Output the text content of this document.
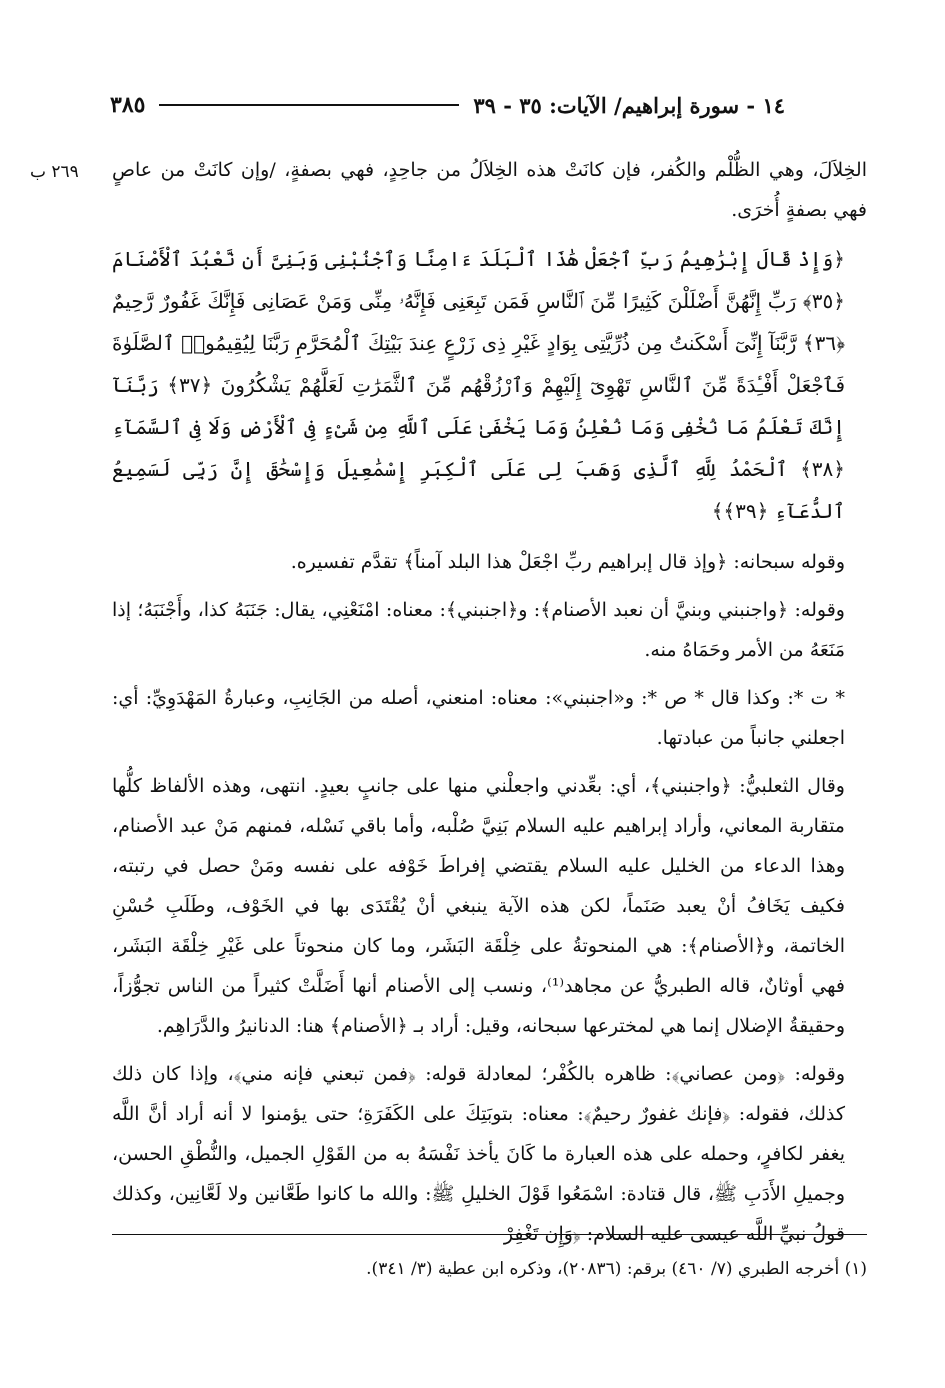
١٤ - سورة إبراهيم/ الآيات: ٣٥ - ٣٩
٣٨٥
٢٦٩ ب الخِلاَلَ، وهي الظُّلْم والكُفر، فإن كانَتْ هذه الخِلاَلُ من جاحِدٍ، فهي بصفةٍ، /وإن كانَتْ من عاصٍ فهي بصفةٍ أُخرَى.

﴿وَإِذْ قَالَ إِبْرَٰهِيمُ رَبِّ ٱجْعَلْ هَٰذَا ٱلْبَلَدَ ءَامِنًا وَٱجْنُبْنِى وَبَنِىَّ أَن نَّعْبُدَ ٱلْأَصْنَامَ ﴿٣٥﴾ رَبِّ إِنَّهُنَّ أَضْلَلْنَ كَثِيرًا مِّنَ ٱلنَّاسِ فَمَن تَبِعَنِى فَإِنَّهُۥ مِنِّى وَمَنْ عَصَانِى فَإِنَّكَ غَفُورٌ رَّحِيمٌ ﴿٣٦﴾ رَّبَّنَآ إِنِّىٓ أَسْكَنتُ مِن ذُرِّيَّتِى بِوَادٍ غَيْرِ ذِى زَرْعٍ عِندَ بَيْتِكَ ٱلْمُحَرَّمِ رَبَّنَا لِيُقِيمُوا۟ ٱلصَّلَوٰةَ فَٱجْعَلْ أَفْـِٔدَةً مِّنَ ٱلنَّاسِ تَهْوِىٓ إِلَيْهِمْ وَٱرْزُقْهُم مِّنَ ٱلثَّمَرَٰتِ لَعَلَّهُمْ يَشْكُرُونَ ﴿٣٧﴾ رَبَّنَآ إِنَّكَ تَعْلَمُ مَا نُخْفِى وَمَا نُعْلِنُ وَمَا يَخْفَىٰ عَلَى ٱللَّهِ مِن شَىْءٍ فِى ٱلْأَرْضِ وَلَا فِى ٱلسَّمَآءِ ﴿٣٨﴾ ٱلْحَمْدُ لِلَّهِ ٱلَّذِى وَهَبَ لِى عَلَى ٱلْكِبَرِ إِسْمَٰعِيلَ وَإِسْحَٰقَ إِنَّ رَبِّى لَسَمِيعُ ٱلدُّعَآءِ ﴿٣٩﴾﴾

وقوله سبحانه: ﴿وإذ قال إبراهيم ربِّ اجْعَلْ هذا البلد آمناً﴾ تقدَّم تفسيره.

وقوله: ﴿واجنبني وبنيَّ أن نعبد الأصنام﴾: و﴿اجنبني﴾: معناه: امْنَعْنِي، يقال: جَنَبَهُ كذا، وأَجْنَبَهُ؛ إذا مَنَعَهُ من الأمر وحَمَاهُ منه.

* ت *: وكذا قال * ص *: و«اجنبني»: معناه: امنعني، أصله من الجَانِبِ، وعبارةُ المَهْدَوِيِّ: أي: اجعلني جانباً من عبادتها.

وقال الثعلبيُّ: ﴿واجنبني﴾، أي: بعِّدني واجعلْني منها على جانبٍ بعيدٍ. انتهى، وهذه الألفاظ كلُّها متقاربة المعاني، وأراد إبراهيم عليه السلام بَنِيَّ صُلْبه، وأما باقي نَسْله، فمنهم مَنْ عبد الأصنام، وهذا الدعاء من الخليل عليه السلام يقتضي إفراطَ خَوْفه على نفسه ومَنْ حصل في رتبته، فكيف يَخَافُ أنْ يعبد صَنَماً، لكن هذه الآية ينبغي أنْ يُقْتَدَى بها في الخَوْف، وطَلَبِ حُسْنِ الخاتمة، و﴿الأصنام﴾: هي المنحوتةُ على خِلْقَة البَشَر، وما كان منحوتاً على غَيْرِ خِلْقَة البَشَر، فهي أوثانٌ، قاله الطبريُّ عن مجاهد⁽¹⁾، ونسب إلى الأصنام أنها أَضَلَّتْ كثيراً من الناس تجوُّزاً، وحقيقةُ الإضلال إنما هي لمخترعها سبحانه، وقيل: أراد بـ ﴿الأصنام﴾ هنا: الدنانيرُ والدَّرَاهِم.

وقوله: ﴿ومن عصاني﴾: ظاهره بالكُفْر؛ لمعادلة قوله: ﴿فمن تبعني فإنه مني﴾، وإذا كان ذلك كذلك، فقوله: ﴿فإنك غفورٌ رحيمٌ﴾: معناه: بتوبَتِكَ على الكَفَرَةِ؛ حتى يؤمنوا لا أنه أراد أنَّ اللَّه يغفر لكافرٍ، وحمله على هذه العبارة ما كَانَ يأخذ نَفْسَهُ به من القَوْلِ الجميل، والنُّطْقِ الحسن، وجميلِ الأَدَبِ ﷺ، قال قتادة: اسْمَعُوا قَوْلَ الخليلِ ﷺ: والله ما كانوا طَعَّانين ولا لَعَّانِين، وكذلك قولُ نبيِّ اللَّه عيسى عليه السلام: ﴿وَإِن تَغْفِرْ

(١) أخرجه الطبري (٧/ ٤٦٠) برقم: (٢٠٨٣٦)، وذكره ابن عطية (٣/ ٣٤١).
